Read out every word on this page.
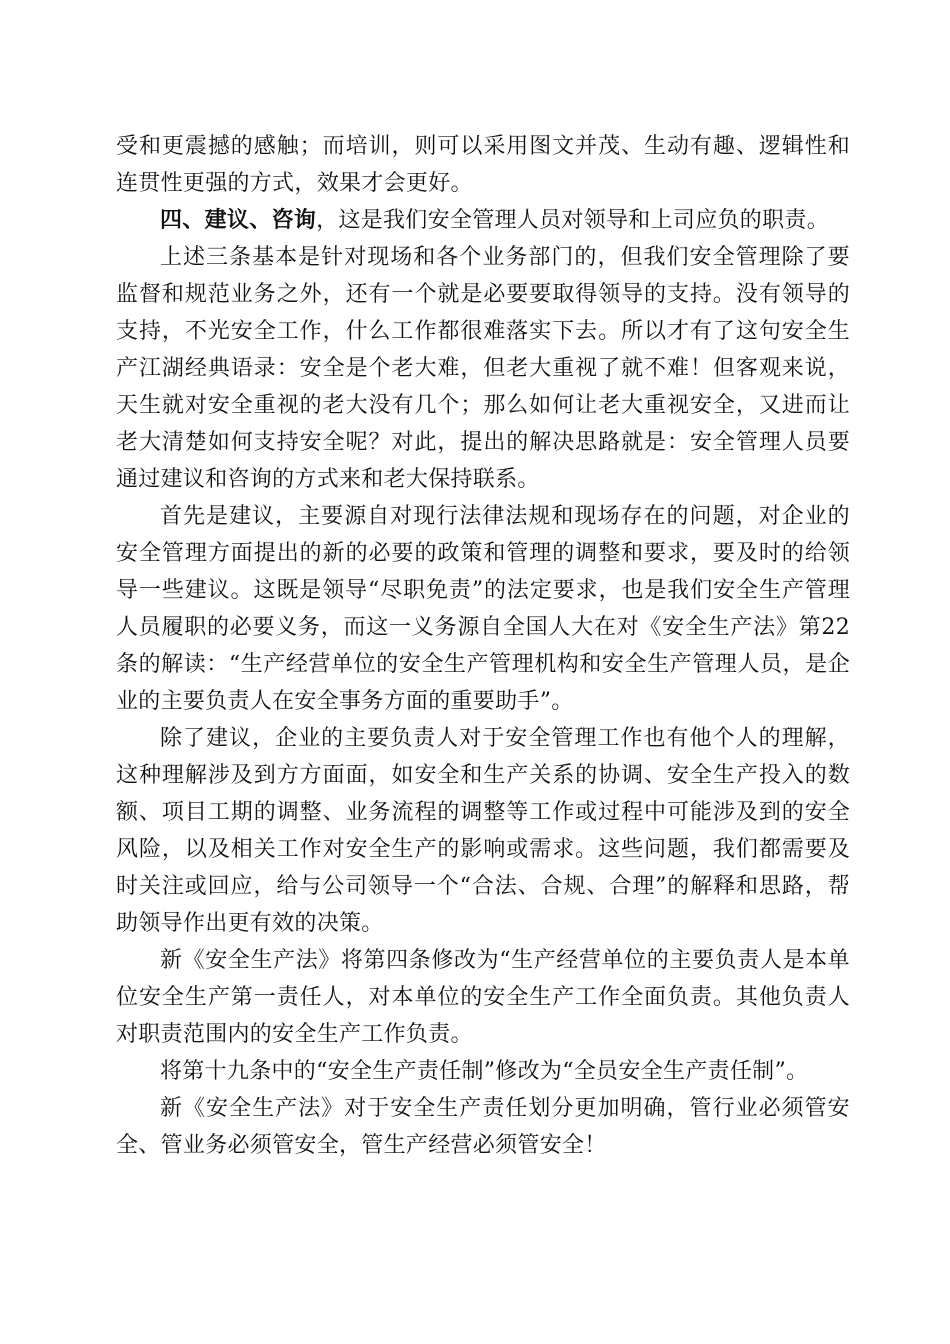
受和更震撼的感触；而培训，则可以采用图文并茂、生动有趣、逻辑性和连贯性更强的方式，效果才会更好。

四、建议、咨询，这是我们安全管理人员对领导和上司应负的职责。

上述三条基本是针对现场和各个业务部门的，但我们安全管理除了要监督和规范业务之外，还有一个就是必要要取得领导的支持。没有领导的支持，不光安全工作，什么工作都很难落实下去。所以才有了这句安全生产江湖经典语录：安全是个老大难，但老大重视了就不难！但客观来说，天生就对安全重视的老大没有几个；那么如何让老大重视安全，又进而让老大清楚如何支持安全呢？对此，提出的解决思路就是：安全管理人员要通过建议和咨询的方式来和老大保持联系。

首先是建议，主要源自对现行法律法规和现场存在的问题，对企业的安全管理方面提出的新的必要的政策和管理的调整和要求，要及时的给领导一些建议。这既是领导“尽职免责”的法定要求，也是我们安全生产管理人员履职的必要义务，而这一义务源自全国人大在对《安全生产法》第22条的解读：“生产经营单位的安全生产管理机构和安全生产管理人员，是企业的主要负责人在安全事务方面的重要助手”。

除了建议，企业的主要负责人对于安全管理工作也有他个人的理解，这种理解涉及到方方面面，如安全和生产关系的协调、安全生产投入的数额、项目工期的调整、业务流程的调整等工作或过程中可能涉及到的安全风险，以及相关工作对安全生产的影响或需求。这些问题，我们都需要及时关注或回应，给与公司领导一个“合法、合规、合理”的解释和思路，帮助领导作出更有效的决策。

新《安全生产法》将第四条修改为“生产经营单位的主要负责人是本单位安全生产第一责任人，对本单位的安全生产工作全面负责。其他负责人对职责范围内的安全生产工作负责。

将第十九条中的“安全生产责任制”修改为“全员安全生产责任制”。

新《安全生产法》对于安全生产责任划分更加明确，管行业必须管安全、管业务必须管安全，管生产经营必须管安全！
